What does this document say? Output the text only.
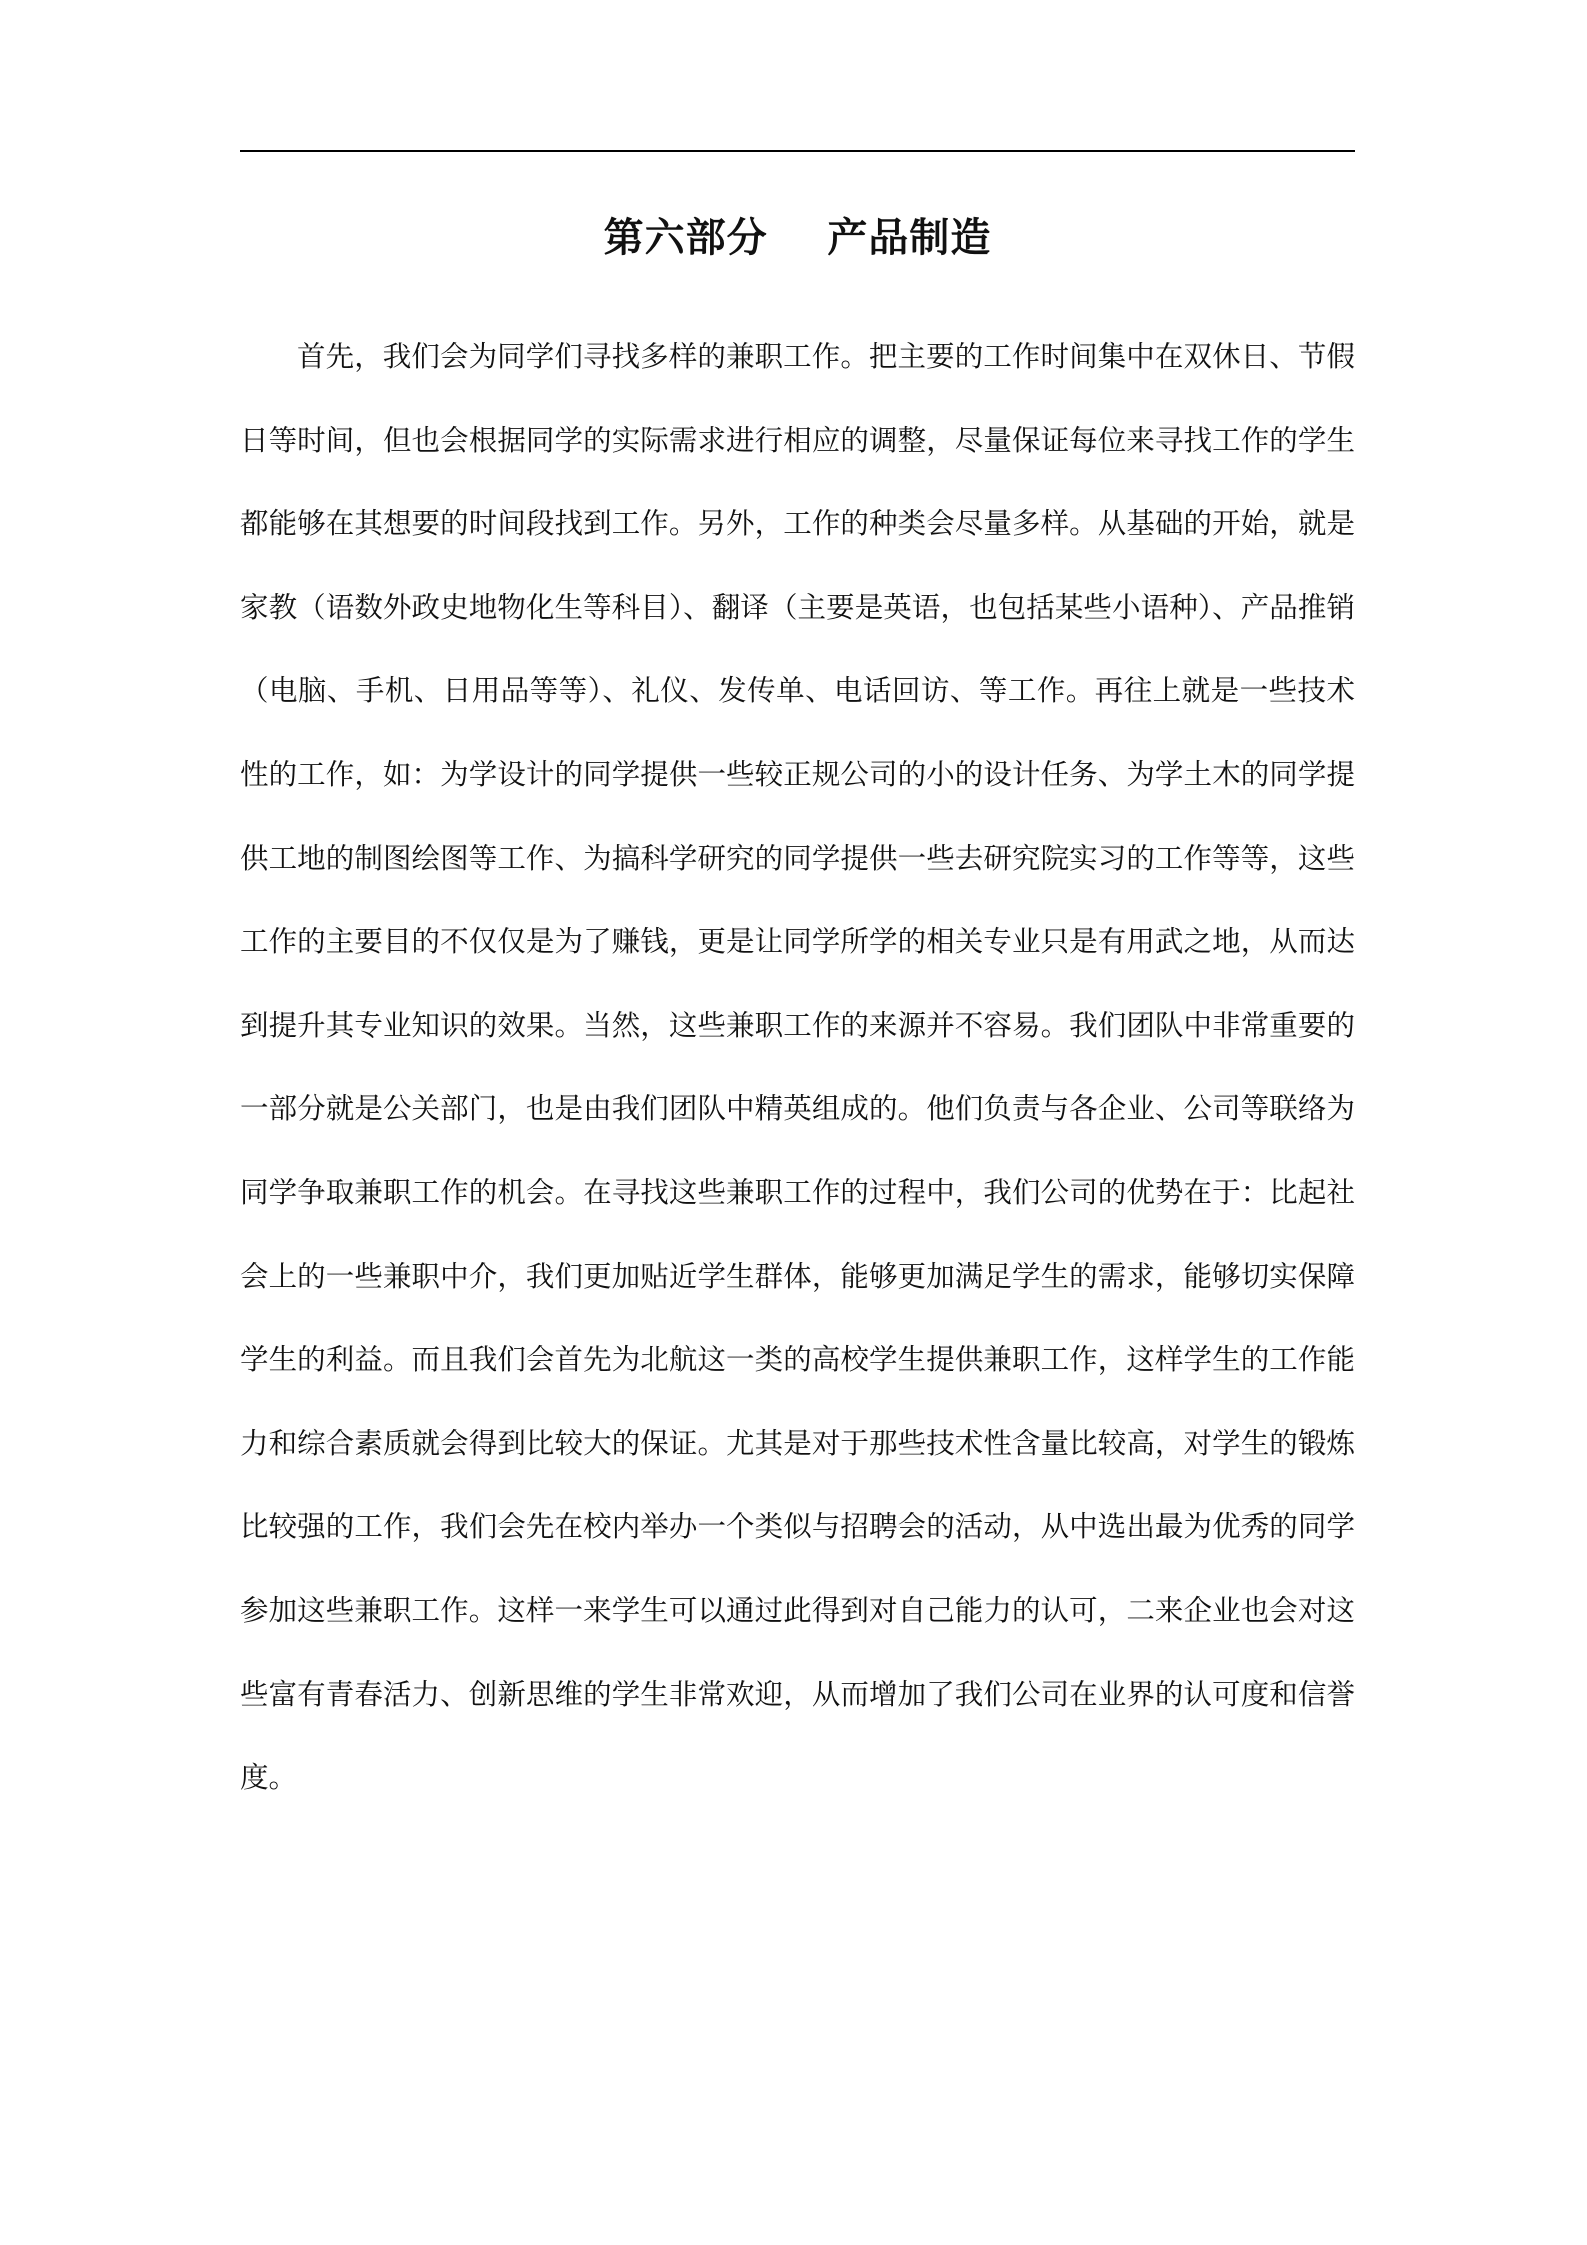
第六部分    产品制造

首先，我们会为同学们寻找多样的兼职工作。把主要的工作时间集中在双休日、节假日等时间，但也会根据同学的实际需求进行相应的调整，尽量保证每位来寻找工作的学生都能够在其想要的时间段找到工作。另外，工作的种类会尽量多样。从基础的开始，就是家教（语数外政史地物化生等科目）、翻译（主要是英语，也包括某些小语种）、产品推销（电脑、手机、日用品等等）、礼仪、发传单、电话回访、等工作。再往上就是一些技术性的工作，如：为学设计的同学提供一些较正规公司的小的设计任务、为学土木的同学提供工地的制图绘图等工作、为搞科学研究的同学提供一些去研究院实习的工作等等，这些工作的主要目的不仅仅是为了赚钱，更是让同学所学的相关专业只是有用武之地，从而达到提升其专业知识的效果。当然，这些兼职工作的来源并不容易。我们团队中非常重要的一部分就是公关部门，也是由我们团队中精英组成的。他们负责与各企业、公司等联络为同学争取兼职工作的机会。在寻找这些兼职工作的过程中，我们公司的优势在于：比起社会上的一些兼职中介，我们更加贴近学生群体，能够更加满足学生的需求，能够切实保障学生的利益。而且我们会首先为北航这一类的高校学生提供兼职工作，这样学生的工作能力和综合素质就会得到比较大的保证。尤其是对于那些技术性含量比较高，对学生的锻炼比较强的工作，我们会先在校内举办一个类似与招聘会的活动，从中选出最为优秀的同学参加这些兼职工作。这样一来学生可以通过此得到对自己能力的认可，二来企业也会对这些富有青春活力、创新思维的学生非常欢迎，从而增加了我们公司在业界的认可度和信誉度。
